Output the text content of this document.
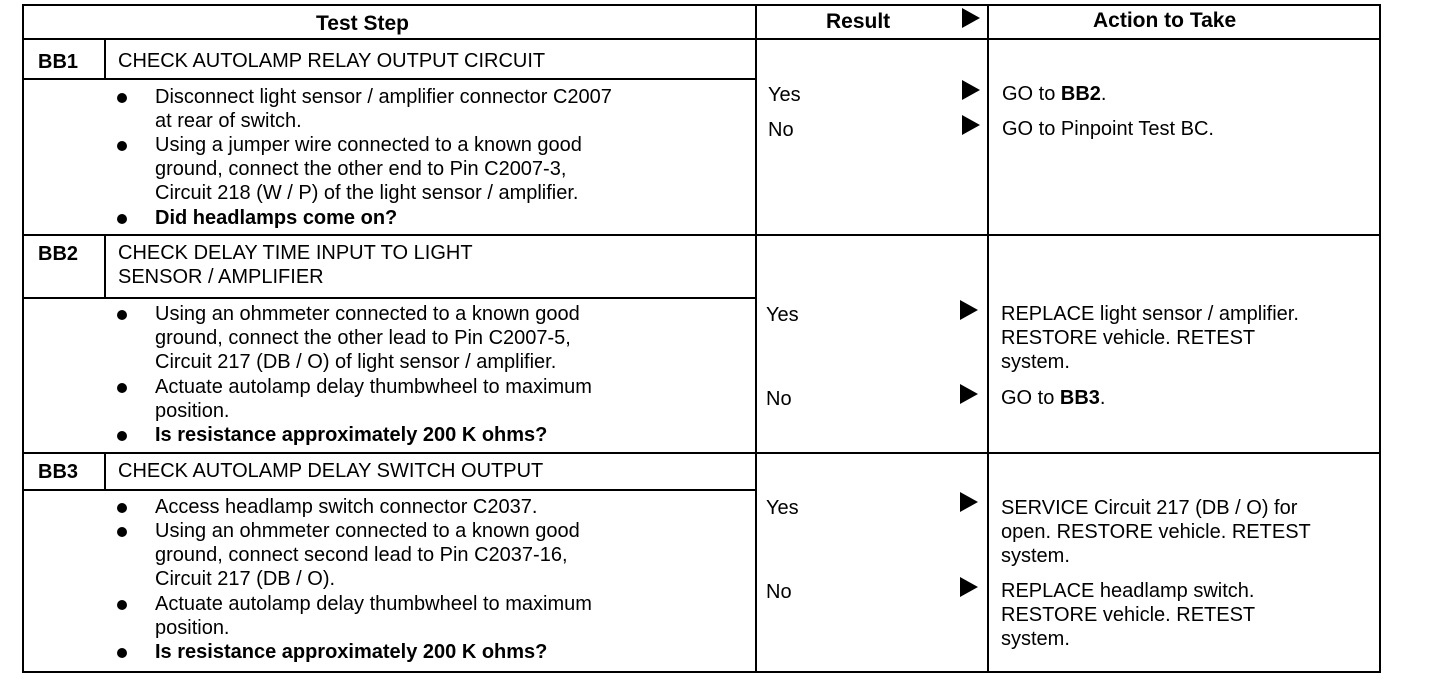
Test Step	Result	Action to Take
BB1 CHECK AUTOLAMP RELAY OUTPUT CIRCUIT
Disconnect light sensor / amplifier connector C2007
at rear of switch.
Using a jumper wire connected to a known good
ground, connect the other end to Pin C2007-3,
Circuit 218 (W / P) of the light sensor / amplifier.
Did headlamps come on?
Yes	GO to BB2.
No	GO to Pinpoint Test BC.
BB2 CHECK DELAY TIME INPUT TO LIGHT
SENSOR / AMPLIFIER
Using an ohmmeter connected to a known good
ground, connect the other lead to Pin C2007-5,
Circuit 217 (DB / O) of light sensor / amplifier.
Actuate autolamp delay thumbwheel to maximum
position.
Is resistance approximately 200 K ohms?
Yes	REPLACE light sensor / amplifier.
RESTORE vehicle. RETEST
system.
No	GO to BB3.
BB3 CHECK AUTOLAMP DELAY SWITCH OUTPUT
Access headlamp switch connector C2037.
Using an ohmmeter connected to a known good
ground, connect second lead to Pin C2037-16,
Circuit 217 (DB / O).
Actuate autolamp delay thumbwheel to maximum
position.
Is resistance approximately 200 K ohms?
Yes	SERVICE Circuit 217 (DB / O) for
open. RESTORE vehicle. RETEST
system.
No	REPLACE headlamp switch.
RESTORE vehicle. RETEST
system.
